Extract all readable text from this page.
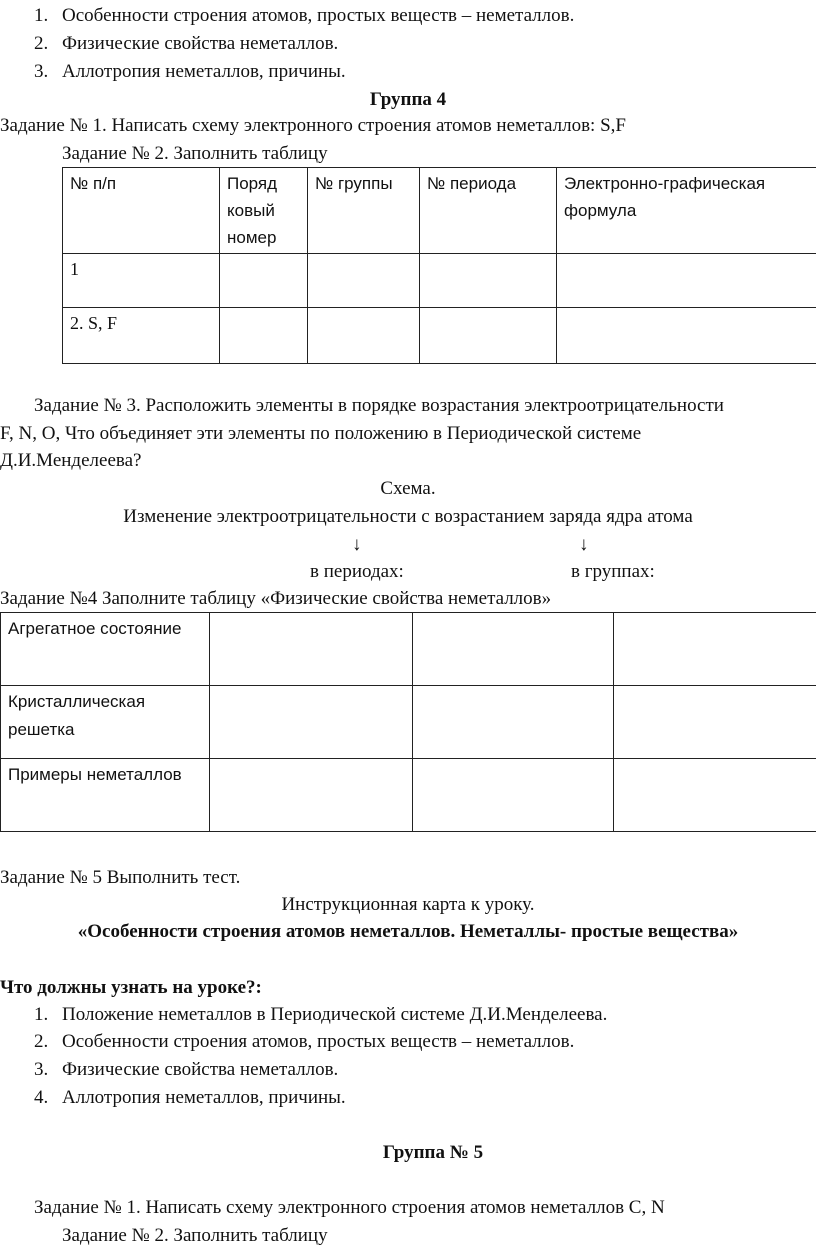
1. Особенности строения атомов, простых веществ – неметаллов.
2. Физические свойства неметаллов.
3. Аллотропия неметаллов, причины.
Группа 4
Задание № 1. Написать схему электронного строения атомов неметаллов: S,F
Задание № 2. Заполнить таблицу
№ п/п	Поряд ковый номер	№ группы	№ периода	Электронно-графическая формула
1				
2. S, F				
Задание № 3. Расположить элементы в порядке возрастания электроотрицательности
F, N, O, Что объединяет эти элементы по положению в Периодической системе
Д.И.Менделеева?
Схема.
Изменение электроотрицательности с возрастанием заряда ядра атома
↓	↓
в периодах:	в группах:
Задание №4 Заполните таблицу «Физические свойства неметаллов»
Агрегатное состояние			
Кристаллическая решетка			
Примеры неметаллов			
Задание № 5 Выполнить тест.
Инструкционная карта к уроку.
«Особенности строения атомов неметаллов. Неметаллы- простые вещества»
Что должны узнать на уроке?:
1. Положение неметаллов в Периодической системе Д.И.Менделеева.
2. Особенности строения атомов, простых веществ – неметаллов.
3. Физические свойства неметаллов.
4. Аллотропия неметаллов, причины.
Группа № 5
Задание № 1. Написать схему электронного строения атомов неметаллов С, N
Задание № 2. Заполнить таблицу
